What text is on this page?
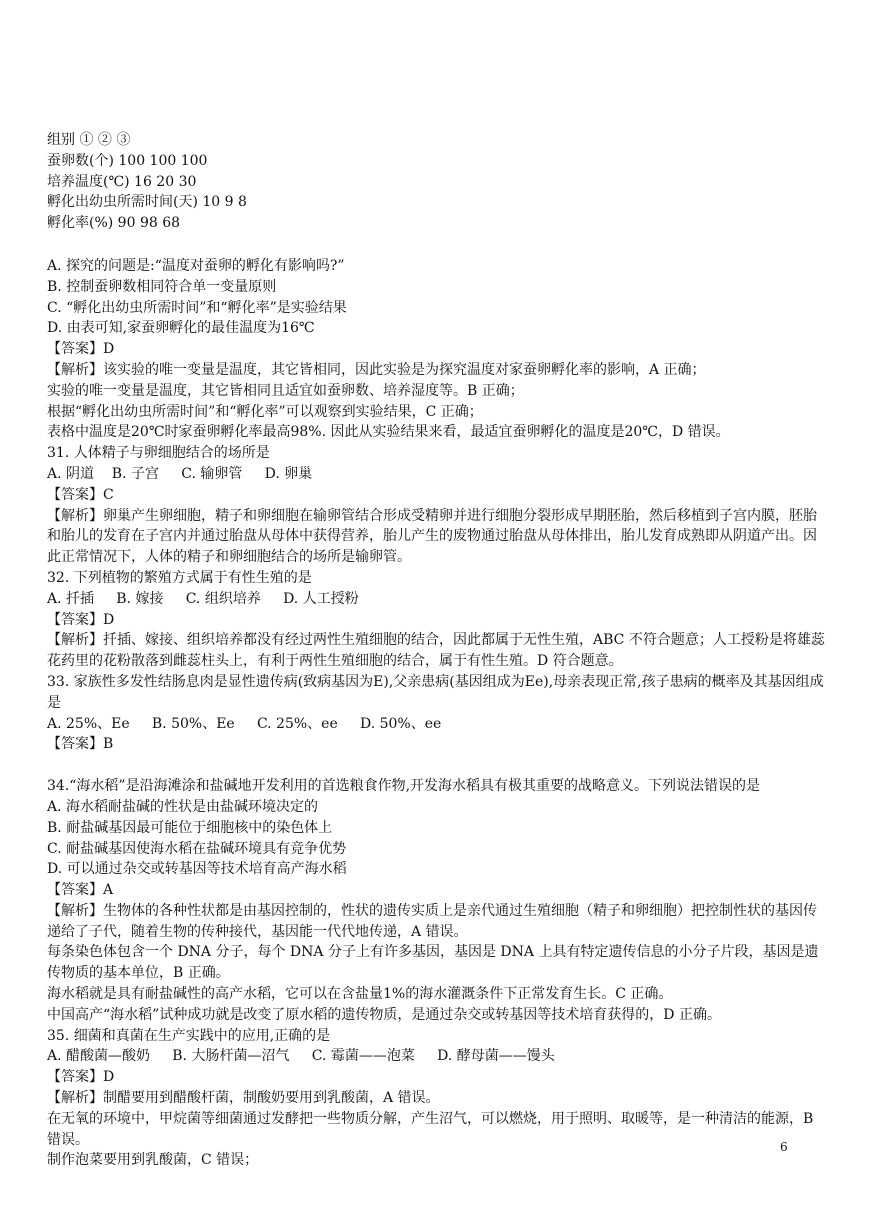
组别 ① ② ③
蚕卵数(个) 100 100 100
培养温度(℃) 16 20 30
孵化出幼虫所需时间(天) 10 9 8
孵化率(%) 90 98 68
A. 探究的问题是:“温度对蚕卵的孵化有影响吗?”
B. 控制蚕卵数相同符合单一变量原则
C. “孵化出幼虫所需时间”和“孵化率”是实验结果
D. 由表可知,家蚕卵孵化的最佳温度为16℃
【答案】D
【解析】该实验的唯一变量是温度，其它皆相同，因此实验是为探究温度对家蚕卵孵化率的影响，A 正确；
实验的唯一变量是温度，其它皆相同且适宜如蚕卵数、培养湿度等。B 正确；
根据“孵化出幼虫所需时间”和“孵化率”可以观察到实验结果，C 正确；
表格中温度是20℃时家蚕卵孵化率最高98%. 因此从实验结果来看，最适宜蚕卵孵化的温度是20℃，D 错误。
31. 人体精子与卵细胞结合的场所是
A. 阴道    B. 子宫     C. 输卵管     D. 卵巢
【答案】C
【解析】卵巢产生卵细胞，精子和卵细胞在输卵管结合形成受精卵并进行细胞分裂形成早期胚胎，然后移植到子宫内膜，胚胎和胎儿的发育在子宫内并通过胎盘从母体中获得营养，胎儿产生的废物通过胎盘从母体排出，胎儿发育成熟即从阴道产出。因此正常情况下，人体的精子和卵细胞结合的场所是输卵管。
32. 下列植物的繁殖方式属于有性生殖的是
A. 扦插     B. 嫁接     C. 组织培养     D. 人工授粉
【答案】D
【解析】扦插、嫁接、组织培养都没有经过两性生殖细胞的结合，因此都属于无性生殖，ABC 不符合题意；人工授粉是将雄蕊花药里的花粉散落到雌蕊柱头上，有利于两性生殖细胞的结合，属于有性生殖。D 符合题意。
33. 家族性多发性结肠息肉是显性遗传病(致病基因为E),父亲患病(基因组成为Ee),母亲表现正常,孩子患病的概率及其基因组成是
A. 25%、Ee     B. 50%、Ee     C. 25%、ee     D. 50%、ee
【答案】B
34.“海水稻”是沿海滩涂和盐碱地开发利用的首选粮食作物,开发海水稻具有极其重要的战略意义。下列说法错误的是
A. 海水稻耐盐碱的性状是由盐碱环境决定的
B. 耐盐碱基因最可能位于细胞核中的染色体上
C. 耐盐碱基因使海水稻在盐碱环境具有竞争优势
D. 可以通过杂交或转基因等技术培育高产海水稻
【答案】A
【解析】生物体的各种性状都是由基因控制的，性状的遗传实质上是亲代通过生殖细胞（精子和卵细胞）把控制性状的基因传递给了子代，随着生物的传种接代，基因能一代代地传递，A 错误。
每条染色体包含一个 DNA 分子，每个 DNA 分子上有许多基因，基因是 DNA 上具有特定遗传信息的小分子片段，基因是遗传物质的基本单位，B 正确。
海水稻就是具有耐盐碱性的高产水稻，它可以在含盐量1%的海水灌溉条件下正常发育生长。C 正确。
中国高产“海水稻”试种成功就是改变了原水稻的遗传物质，是通过杂交或转基因等技术培育获得的，D 正确。
35. 细菌和真菌在生产实践中的应用,正确的是
A. 醋酸菌—酸奶     B. 大肠杆菌—沼气     C. 霉菌——泡菜     D. 酵母菌——馒头
【答案】D
【解析】制醋要用到醋酸杆菌，制酸奶要用到乳酸菌，A 错误。
在无氧的环境中，甲烷菌等细菌通过发酵把一些物质分解，产生沼气，可以燃烧，用于照明、取暖等，是一种清洁的能源，B 错误。
制作泡菜要用到乳酸菌，C 错误；
6
